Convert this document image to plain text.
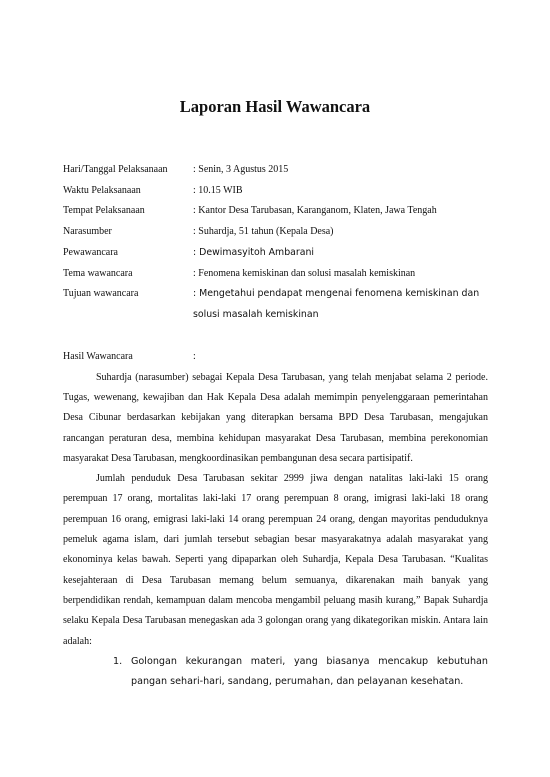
Laporan Hasil Wawancara
Hari/Tanggal Pelaksanaan	: Senin, 3 Agustus 2015
Waktu Pelaksanaan	: 10.15 WIB
Tempat Pelaksanaan	: Kantor Desa Tarubasan, Karanganom, Klaten, Jawa Tengah
Narasumber	: Suhardja, 51 tahun (Kepala Desa)
Pewawancara	: Dewimasyitoh Ambarani
Tema wawancara	: Fenomena kemiskinan dan solusi masalah kemiskinan
Tujuan wawancara	: Mengetahui pendapat mengenai fenomena kemiskinan dan solusi masalah kemiskinan
Hasil Wawancara	:

Suhardja (narasumber) sebagai Kepala Desa Tarubasan, yang telah menjabat selama 2 periode. Tugas, wewenang, kewajiban dan Hak Kepala Desa adalah memimpin penyelenggaraan pemerintahan Desa Cibunar berdasarkan kebijakan yang diterapkan bersama BPD Desa Tarubasan, mengajukan rancangan peraturan desa, membina kehidupan masyarakat Desa Tarubasan, membina perekonomian masyarakat Desa Tarubasan, mengkoordinasikan pembangunan desa secara partisipatif.

Jumlah penduduk Desa Tarubasan sekitar 2999 jiwa dengan natalitas laki-laki 15 orang perempuan 17 orang, mortalitas laki-laki 17 orang perempuan 8 orang, imigrasi laki-laki 18 orang perempuan 16 orang, emigrasi laki-laki 14 orang perempuan 24 orang, dengan mayoritas penduduknya pemeluk agama islam, dari jumlah tersebut sebagian besar masyarakatnya adalah masyarakat yang ekonominya kelas bawah. Seperti yang dipaparkan oleh Suhardja, Kepala Desa Tarubasan. “Kualitas kesejahteraan di Desa Tarubasan memang belum semuanya, dikarenakan maih banyak yang berpendidikan rendah, kemampuan dalam mencoba mengambil peluang masih kurang,” Bapak Suhardja selaku Kepala Desa Tarubasan menegaskan ada 3 golongan orang yang dikategorikan miskin. Antara lain adalah:

1. Golongan kekurangan materi, yang biasanya mencakup kebutuhan pangan sehari-hari, sandang, perumahan, dan pelayanan kesehatan.
